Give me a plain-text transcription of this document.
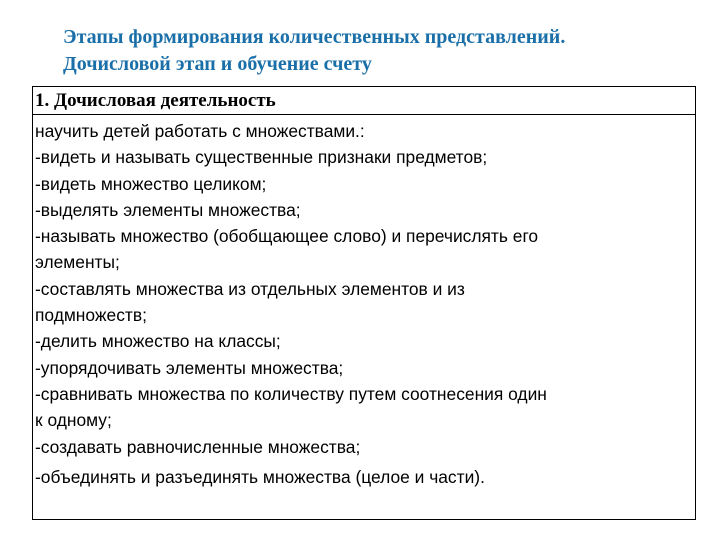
Этапы формирования количественных представлений.
Дочисловой этап и обучение счету
1. Дочисловая деятельность
научить детей работать с множествами.:
-видеть и называть существенные признаки предметов;
-видеть множество целиком;
-выделять элементы множества;
-называть множество (обобщающее слово) и перечислять его
элементы;
-составлять множества из отдельных элементов и из
подмножеств;
-делить множество на классы;
-упорядочивать элементы множества;
-сравнивать множества по количеству путем соотнесения один
к одному;
-создавать равночисленные множества;
-объединять и разъединять множества (целое и части).
